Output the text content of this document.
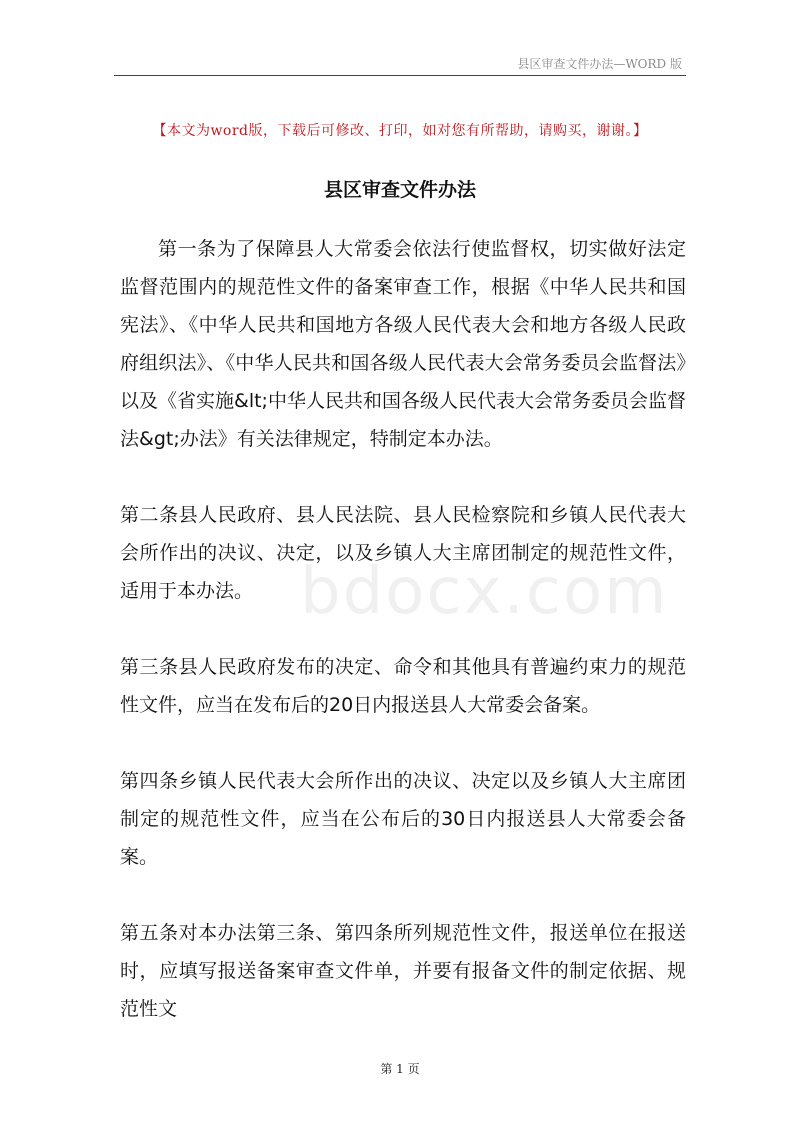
县区审查文件办法—WORD 版
【本文为word版，下载后可修改、打印，如对您有所帮助，请购买，谢谢。】
县区审查文件办法
bdocx.com

第一条为了保障县人大常委会依法行使监督权，切实做好法定监督范围内的规范性文件的备案审查工作，根据《中华人民共和国宪法》、《中华人民共和国地方各级人民代表大会和地方各级人民政府组织法》、《中华人民共和国各级人民代表大会常务委员会监督法》以及《省实施&lt;中华人民共和国各级人民代表大会常务委员会监督法&gt;办法》有关法律规定，特制定本办法。

第二条县人民政府、县人民法院、县人民检察院和乡镇人民代表大会所作出的决议、决定，以及乡镇人大主席团制定的规范性文件，适用于本办法。

第三条县人民政府发布的决定、命令和其他具有普遍约束力的规范性文件，应当在发布后的20日内报送县人大常委会备案。

第四条乡镇人民代表大会所作出的决议、决定以及乡镇人大主席团制定的规范性文件，应当在公布后的30日内报送县人大常委会备案。

第五条对本办法第三条、第四条所列规范性文件，报送单位在报送时，应填写报送备案审查文件单，并要有报备文件的制定依据、规范性文

第 1 页
